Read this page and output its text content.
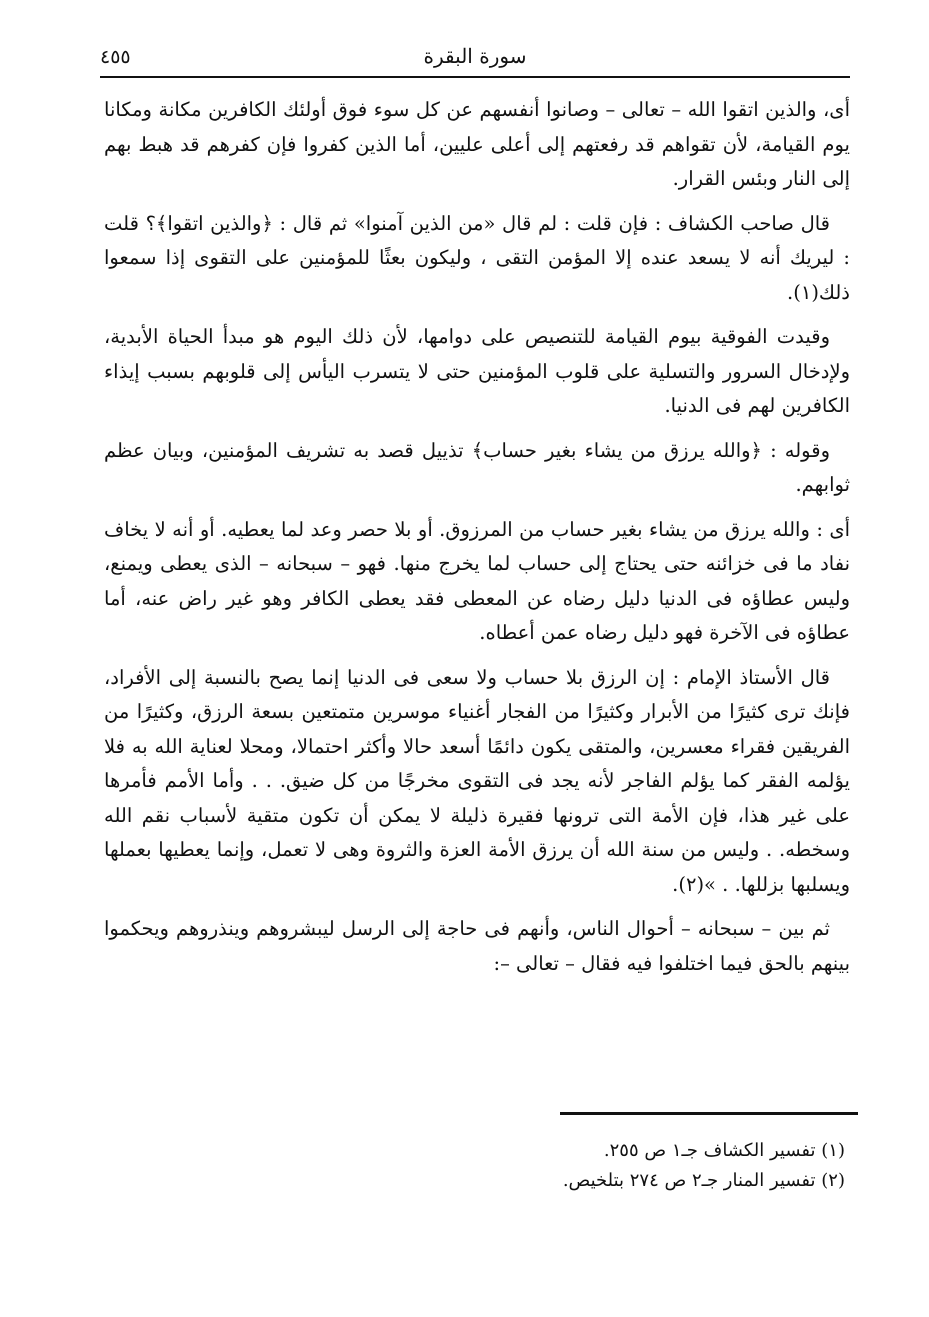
٤٥٥	سورة البقرة

أى، والذين اتقوا الله – تعالى – وصانوا أنفسهم عن كل سوء فوق أولئك الكافرين مكانة ومكانا يوم القيامة، لأن تقواهم قد رفعتهم إلى أعلى عليين، أما الذين كفروا فإن كفرهم قد هبط بهم إلى النار وبئس القرار.

قال صاحب الكشاف : فإن قلت : لم قال «من الذين آمنوا» ثم قال : ﴿والذين اتقوا﴾؟ قلت : ليريك أنه لا يسعد عنده إلا المؤمن التقى ، وليكون بعثًا للمؤمنين على التقوى إذا سمعوا ذلك(١).

وقيدت الفوقية بيوم القيامة للتنصيص على دوامها، لأن ذلك اليوم هو مبدأ الحياة الأبدية، ولإدخال السرور والتسلية على قلوب المؤمنين حتى لا يتسرب اليأس إلى قلوبهم بسبب إيذاء الكافرين لهم فى الدنيا.

وقوله : ﴿والله يرزق من يشاء بغير حساب﴾ تذييل قصد به تشريف المؤمنين، وبيان عظم ثوابهم.

أى : والله يرزق من يشاء بغير حساب من المرزوق. أو بلا حصر وعد لما يعطيه. أو أنه لا يخاف نفاد ما فى خزائنه حتى يحتاج إلى حساب لما يخرج منها. فهو – سبحانه – الذى يعطى ويمنع، وليس عطاؤه فى الدنيا دليل رضاه عن المعطى فقد يعطى الكافر وهو غير راض عنه، أما عطاؤه فى الآخرة فهو دليل رضاه عمن أعطاه.

قال الأستاذ الإمام : إن الرزق بلا حساب ولا سعى فى الدنيا إنما يصح بالنسبة إلى الأفراد، فإنك ترى كثيرًا من الأبرار وكثيرًا من الفجار أغنياء موسرين متمتعين بسعة الرزق، وكثيرًا من الفريقين فقراء معسرين، والمتقى يكون دائمًا أسعد حالا وأكثر احتمالا، ومحلا لعناية الله به فلا يؤلمه الفقر كما يؤلم الفاجر لأنه يجد فى التقوى مخرجًا من كل ضيق. . . وأما الأمم فأمرها على غير هذا، فإن الأمة التى ترونها فقيرة ذليلة لا يمكن أن تكون متقية لأسباب نقم الله وسخطه. . وليس من سنة الله أن يرزق الأمة العزة والثروة وهى لا تعمل، وإنما يعطيها بعملها ويسلبها بزللها. . »(٢).

ثم بين – سبحانه – أحوال الناس، وأنهم فى حاجة إلى الرسل ليبشروهم وينذروهم ويحكموا بينهم بالحق فيما اختلفوا فيه فقال – تعالى –:

(١) تفسير الكشاف جـ١ ص ٢٥٥.
(٢) تفسير المنار جـ٢ ص ٢٧٤ بتلخيص.
